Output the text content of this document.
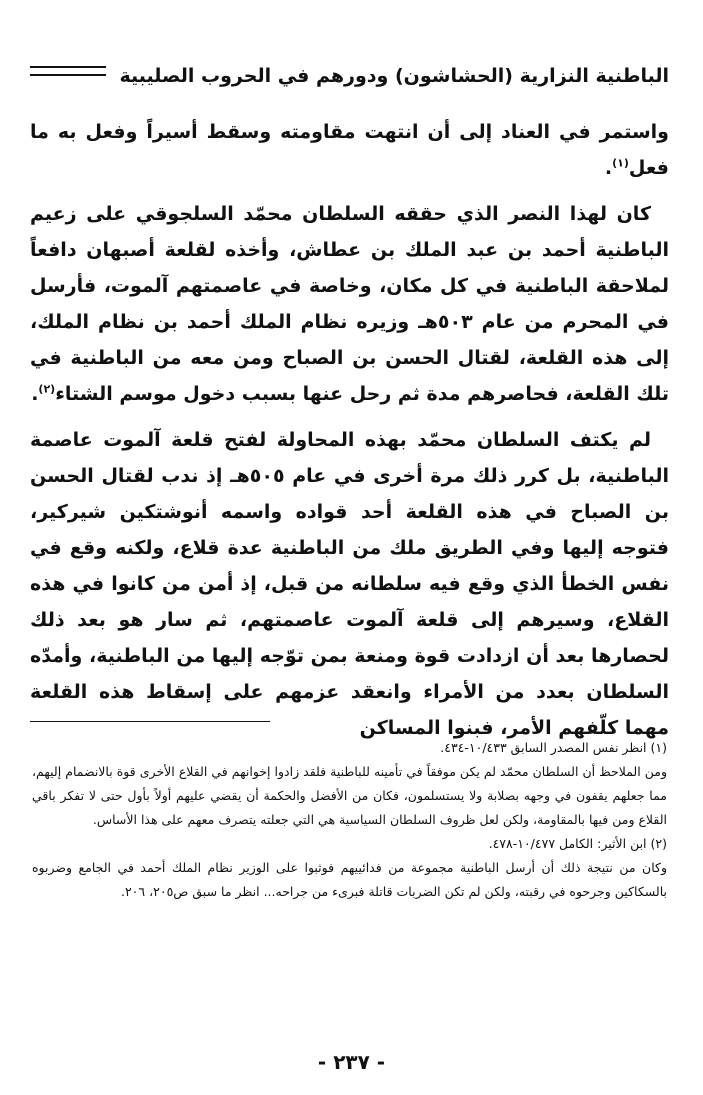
الباطنية النزارية (الحشاشون) ودورهم في الحروب الصليبية

واستمر في العناد إلى أن انتهت مقاومته وسقط أسيراً وفعل به ما فعل$^{(١)}$.

كان لهذا النصر الذي حققه السلطان محمّد السلجوقي على زعيم الباطنية أحمد بن عبد الملك بن عطاش، وأخذه لقلعة أصبهان دافعاً لملاحقة الباطنية في كل مكان، وخاصة في عاصمتهم آلموت، فأرسل في المحرم من عام ٥٠٣هـ وزيره نظام الملك أحمد بن نظام الملك، إلى هذه القلعة، لقتال الحسن بن الصباح ومن معه من الباطنية في تلك القلعة، فحاصرهم مدة ثم رحل عنها بسبب دخول موسم الشتاء$^{(٢)}$.

لم يكتف السلطان محمّد بهذه المحاولة لفتح قلعة آلموت عاصمة الباطنية، بل كرر ذلك مرة أخرى في عام ٥٠٥هـ إذ ندب لقتال الحسن بن الصباح في هذه القلعة أحد قواده واسمه أنوشتكين شيركير، فتوجه إليها وفي الطريق ملك من الباطنية عدة قلاع، ولكنه وقع في نفس الخطأ الذي وقع فيه سلطانه من قبل، إذ أمن من كانوا في هذه القلاع، وسيرهم إلى قلعة آلموت عاصمتهم، ثم سار هو بعد ذلك لحصارها بعد أن ازدادت قوة ومنعة بمن توّجه إليها من الباطنية، وأمدّه السلطان بعدد من الأمراء وانعقد عزمهم على إسقاط هذه القلعة مهما كلّفهم الأمر، فبنوا المساكن

(١) انظر نفس المصدر السابق ١٠/٤٣٣-٤٣٤.

ومن الملاحظ أن السلطان محمّد لم يكن موفقاً في تأمينه للباطنية فلقد زادوا إخوانهم في القلاع الأخرى قوة بالانضمام إليهم، مما جعلهم يقفون في وجهه بصلابة ولا يستسلمون، فكان من الأفضل والحكمة أن يقضي عليهم أولاً بأول حتى لا تفكر باقي القلاع ومن فيها بالمقاومة، ولكن لعل ظروف السلطان السياسية هي التي جعلته يتصرف معهم على هذا الأساس.

(٢) ابن الأثير: الكامل ١٠/٤٧٧-٤٧٨.

وكان من نتيجة ذلك أن أرسل الباطنية مجموعة من فدائييهم فوثبوا على الوزير نظام الملك أحمد في الجامع وضربوه بالسكاكين وجرحوه في رقبته، ولكن لم تكن الضربات قاتلة فبرىء من جراحه... انظر ما سبق ص٢٠٥، ٢٠٦.

- ٢٣٧ -
